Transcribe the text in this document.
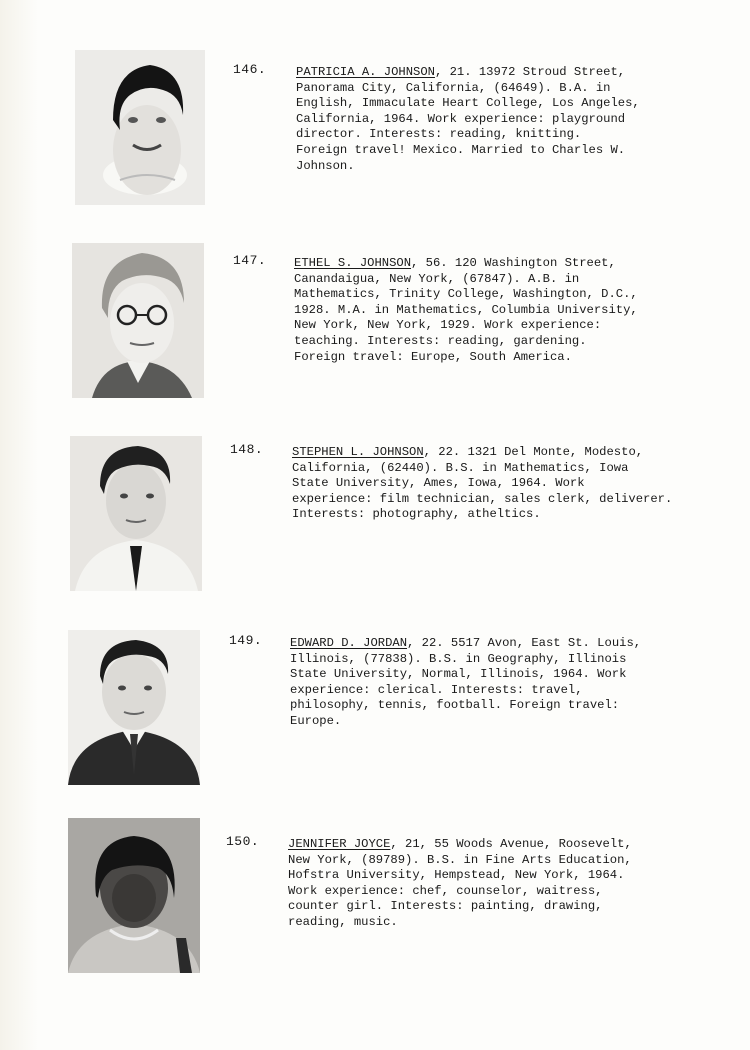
146. PATRICIA A. JOHNSON, 21. 13972 Stroud Street,
Panorama City, California, (64649). B.A. in
English, Immaculate Heart College, Los Angeles,
California, 1964. Work experience: playground
director. Interests: reading, knitting.
Foreign travel! Mexico. Married to Charles W.
Johnson.
147. ETHEL S. JOHNSON, 56. 120 Washington Street,
Canandaigua, New York, (67847). A.B. in
Mathematics, Trinity College, Washington, D.C.,
1928. M.A. in Mathematics, Columbia University,
New York, New York, 1929. Work experience:
teaching. Interests: reading, gardening.
Foreign travel: Europe, South America.
148. STEPHEN L. JOHNSON, 22. 1321 Del Monte, Modesto,
California, (62440). B.S. in Mathematics, Iowa
State University, Ames, Iowa, 1964. Work
experience: film technician, sales clerk, deliverer.
Interests: photography, atheltics.
149. EDWARD D. JORDAN, 22. 5517 Avon, East St. Louis,
Illinois, (77838). B.S. in Geography, Illinois
State University, Normal, Illinois, 1964. Work
experience: clerical. Interests: travel,
philosophy, tennis, football. Foreign travel:
Europe.
150. JENNIFER JOYCE, 21, 55 Woods Avenue, Roosevelt,
New York, (89789). B.S. in Fine Arts Education,
Hofstra University, Hempstead, New York, 1964.
Work experience: chef, counselor, waitress,
counter girl. Interests: painting, drawing,
reading, music.
